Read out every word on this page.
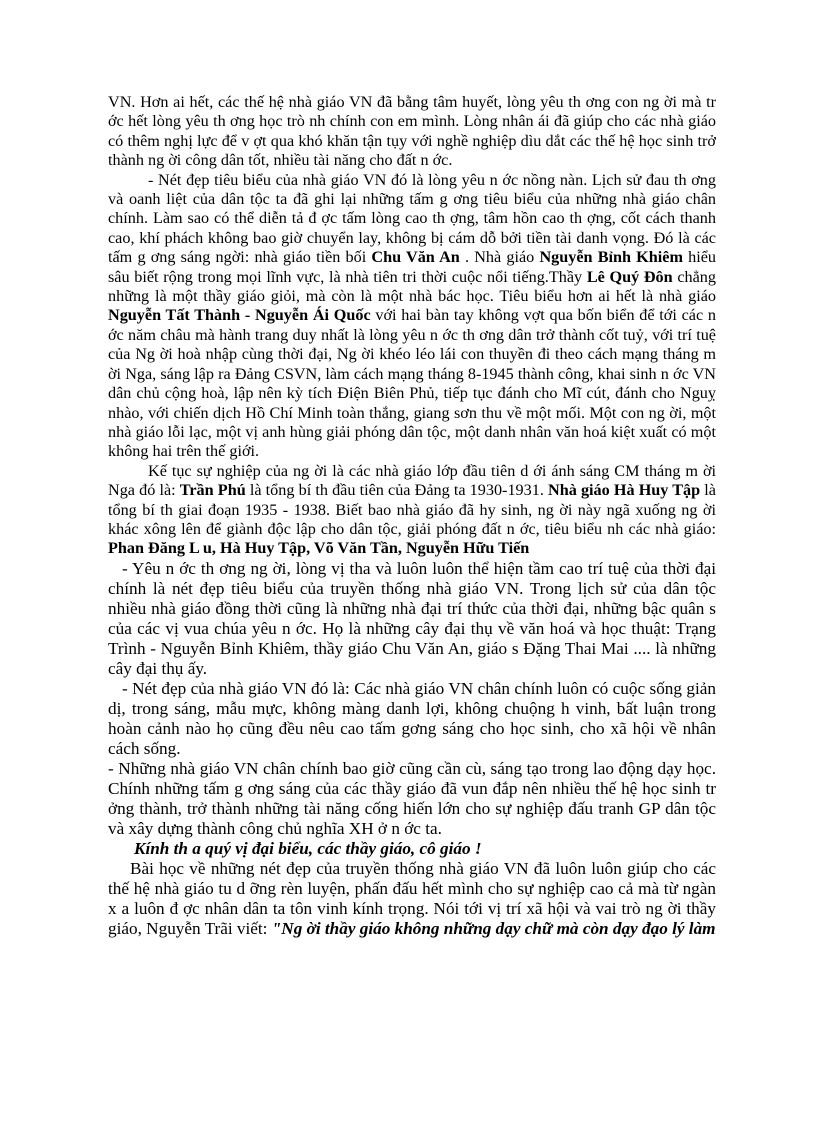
VN. Hơn ai hết, các thế hệ nhà giáo VN đã bằng tâm huyết, lòng yêu th ơng con ng ời mà tr ớc hết lòng yêu th ơng học trò nh chính con em mình. Lòng nhân ái đã giúp cho các nhà giáo có thêm nghị lực để v ợt qua khó khăn tận tụy với nghề nghiệp dìu dắt các thế hệ học sinh trở thành ng ời công dân tốt, nhiều tài năng cho đất n ớc.

- Nét đẹp tiêu biểu của nhà giáo VN đó là lòng yêu n ớc nồng nàn. Lịch sử đau th ơng và oanh liệt của dân tộc ta đã ghi lại những tấm g ơng tiêu biểu của những nhà giáo chân chính. Làm sao có thể diễn tả đ ợc tấm lòng cao th ợng, tâm hồn cao th ợng, cốt cách thanh cao, khí phách không bao giờ chuyển lay, không bị cám dỗ bởi tiền tài danh vọng. Đó là các tấm g ơng sáng ngời: nhà giáo tiền bối Chu Văn An . Nhà giáo Nguyễn Bỉnh Khiêm hiểu sâu biết rộng trong mọi lĩnh vực, là nhà tiên tri thời cuộc nổi tiếng.Thầy Lê Quý Đôn chẳng những là một thầy giáo giỏi, mà còn là một nhà bác học. Tiêu biểu hơn ai hết là nhà giáo Nguyễn Tất Thành - Nguyễn Ái Quốc với hai bàn tay không vợt qua bốn biển để tới các n ớc năm châu mà hành trang duy nhất là lòng yêu n ớc th ơng dân trở thành cốt tuỷ, với trí tuệ của Ng ời hoà nhập cùng thời đại, Ng ời khéo léo lái con thuyền đi theo cách mạng tháng m ời Nga, sáng lập ra Đảng CSVN, làm cách mạng tháng 8-1945 thành công, khai sinh n ớc VN dân chủ cộng hoà, lập nên kỳ tích Điện Biên Phủ, tiếp tục đánh cho Mĩ cút, đánh cho Nguỵ nhào, với chiến dịch Hồ Chí Minh toàn thắng, giang sơn thu về một mối. Một con ng ời, một nhà giáo lỗi lạc, một vị anh hùng giải phóng dân tộc, một danh nhân văn hoá kiệt xuất có một không hai trên thế giới.

Kế tục sự nghiệp của ng ời là các nhà giáo lớp đầu tiên d ới ánh sáng CM tháng m ời Nga đó là: Trần Phú là tổng bí th đầu tiên của Đảng ta 1930-1931. Nhà giáo Hà Huy Tập là tổng bí th giai đoạn 1935 - 1938. Biết bao nhà giáo đã hy sinh, ng ời này ngã xuống ng ời khác xông lên để giành độc lập cho dân tộc, giải phóng đất n ớc, tiêu biểu nh các nhà giáo: Phan Đăng L u, Hà Huy Tập, Võ Văn Tần, Nguyễn Hữu Tiến

- Yêu n ớc th ơng ng ời, lòng vị tha và luôn luôn thể hiện tầm cao trí tuệ của thời đại chính là nét đẹp tiêu biểu của truyền thống nhà giáo VN. Trong lịch sử của dân tộc nhiều nhà giáo đồng thời cũng là những nhà đại trí thức của thời đại, những bậc quân s của các vị vua chúa yêu n ớc. Họ là những cây đại thụ về văn hoá và học thuật: Trạng Trình - Nguyễn Bỉnh Khiêm, thầy giáo Chu Văn An, giáo s Đặng Thai Mai .... là những cây đại thụ ấy.

- Nét đẹp của nhà giáo VN đó là: Các nhà giáo VN chân chính luôn có cuộc sống giản dị, trong sáng, mẫu mực, không màng danh lợi, không chuộng h vinh, bất luận trong hoàn cảnh nào họ cũng đều nêu cao tấm gơng sáng cho học sinh, cho xã hội về nhân cách sống.

- Những nhà giáo VN chân chính bao giờ cũng cần cù, sáng tạo trong lao động dạy học. Chính những tấm g ơng sáng của các thầy giáo đã vun đắp nên nhiều thế hệ học sinh tr ởng thành, trở thành những tài năng cống hiến lớn cho sự nghiệp đấu tranh GP dân tộc và xây dựng thành công chủ nghĩa XH ở n ớc ta.

Kính th a quý vị đại biểu, các thầy giáo, cô giáo !

Bài học về những nét đẹp của truyền thống nhà giáo VN đã luôn luôn giúp cho các thế hệ nhà giáo tu d ỡng rèn luyện, phấn đấu hết mình cho sự nghiệp cao cả mà từ ngàn x a luôn đ ợc nhân dân ta tôn vinh kính trọng. Nói tới vị trí xã hội và vai trò ng ời thầy giáo, Nguyễn Trãi viết: "Ng ời thầy giáo không những dạy chữ mà còn dạy đạo lý làm
